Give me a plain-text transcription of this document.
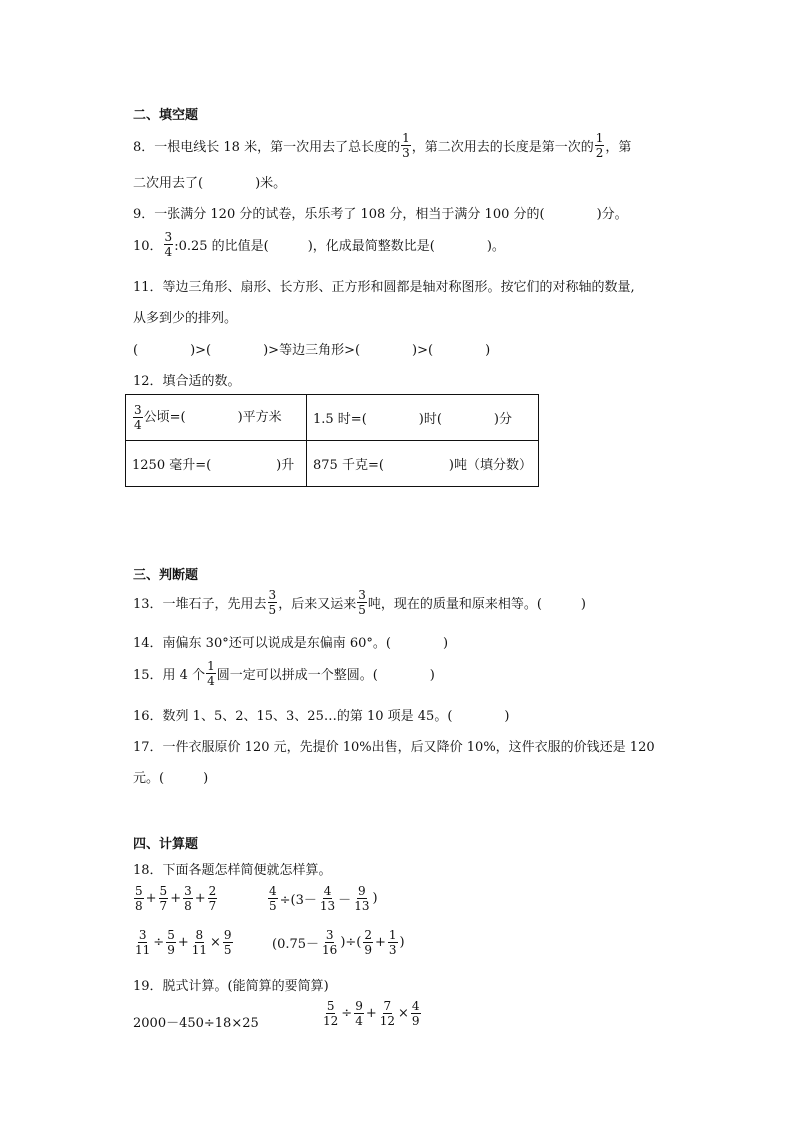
二、填空题
8．一根电线长 18 米，第一次用去了总长度的 $\frac{1}{3}$ ，第二次用去的长度是第一次的 $\frac{1}{2}$ ，第
二次用去了(　　　　)米。
9．一张满分 120 分的试卷，乐乐考了 108 分，相当于满分 100 分的(　　　　)分。
10． $\frac{3}{4}$ :0.25 的比值是(　　　)，化成最简整数比是(　　　　)。
11．等边三角形、扇形、长方形、正方形和圆都是轴对称图形。按它们的对称轴的数量,
从多到少的排列。
(　　　　)>(　　　　)>等边三角形>(　　　　)>(　　　　)
12．填合适的数。
$\frac{3}{4}$ 公顷=(　　　　)平方米	1.5 时=(　　　　)时(　　　　)分
1250 毫升=(　　　　　)升	875 千克=(　　　　　)吨（填分数）
三、判断题
13．一堆石子，先用去 $\frac{3}{5}$ ，后来又运来 $\frac{3}{5}$ 吨，现在的质量和原来相等。(　　　)
14．南偏东 30°还可以说成是东偏南 60°。(　　　　)
15．用 4 个 $\frac{1}{4}$ 圆一定可以拼成一个整圆。(　　　　)
16．数列 1、5、2、15、3、25…的第 10 项是 45。(　　　　)
17．一件衣服原价 120 元，先提价 10%出售，后又降价 10%，这件衣服的价钱还是 120
元。(　　　)
四、计算题
18．下面各题怎样简便就怎样算。
$\frac{5}{8} + \frac{5}{7} + \frac{3}{8} + \frac{2}{7}$	$\frac{4}{5} \div(3- \frac{4}{13} - \frac{9}{13}$ )
$\frac{3}{11} \div \frac{5}{9} + \frac{8}{11} \times \frac{9}{5}$	($0.75- \frac{3}{16}$ )÷( $\frac{2}{9} + \frac{1}{3}$ )
19．脱式计算。(能简算的要简算)
2000－450÷18×25	$\frac{5}{12} \div \frac{9}{4} + \frac{7}{12} \times \frac{4}{9}$
